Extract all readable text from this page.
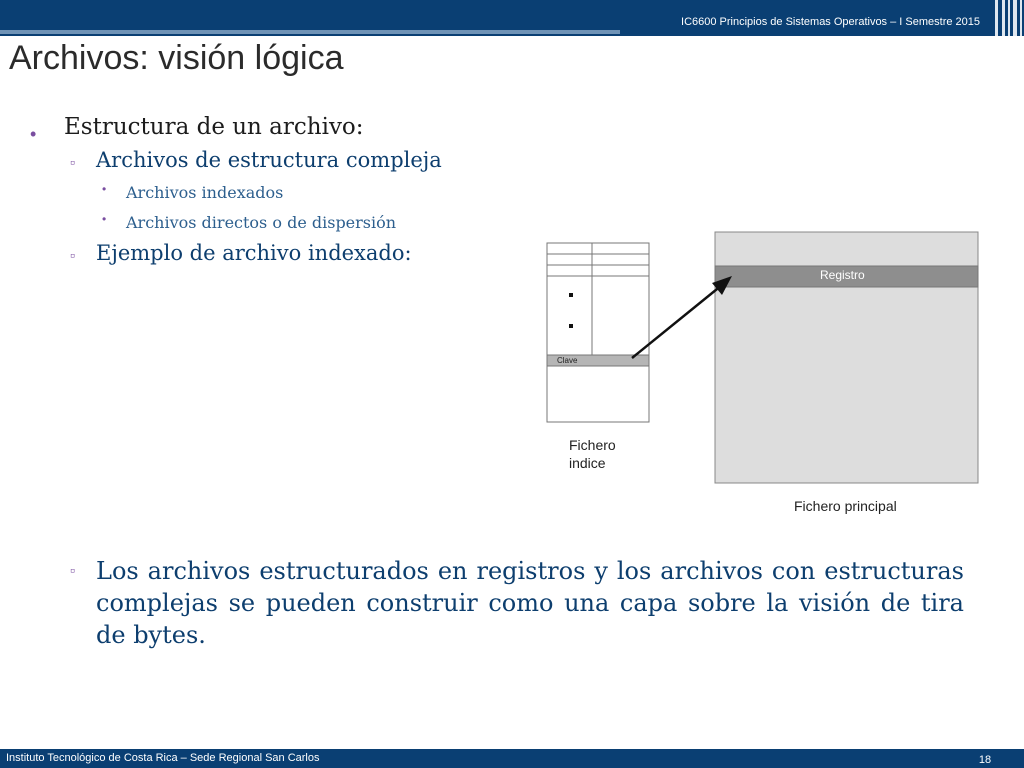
IC6600 Principios de Sistemas Operativos – I Semestre 2015
Archivos: visión lógica
• Estructura de un archivo:
▫ Archivos de estructura compleja
• Archivos indexados
• Archivos directos o de dispersión
▫ Ejemplo de archivo indexado:
Clave
Registro
Fichero indice
Fichero principal
▫ Los archivos estructurados en registros y los archivos con estructuras complejas se pueden construir como una capa sobre la visión de tira de bytes.
Instituto Tecnológico de Costa Rica – Sede Regional San Carlos	18
